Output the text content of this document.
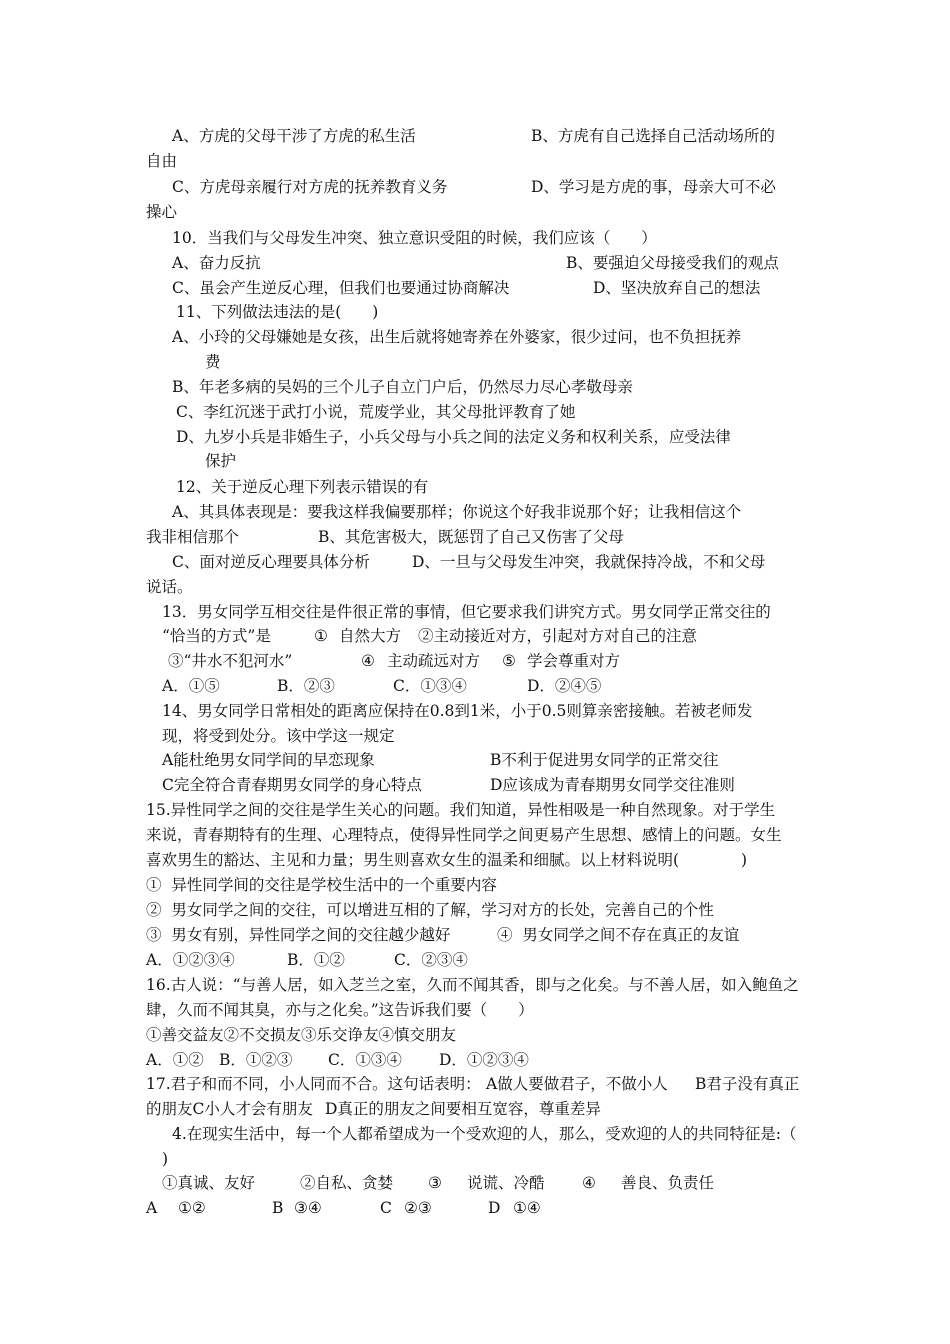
A、方虎的父母干涉了方虎的私生活	B、方虎有自己选择自己活动场所的
自由
C、方虎母亲履行对方虎的抚养教育义务	D、学习是方虎的事，母亲大可不必
操心
10．当我们与父母发生冲突、独立意识受阻的时候，我们应该（　　）
A、奋力反抗	B、要强迫父母接受我们的观点
C、虽会产生逆反心理，但我们也要通过协商解决	D、坚决放弃自己的想法
11、下列做法违法的是(　　)
A、小玲的父母嫌她是女孩，出生后就将她寄养在外婆家，很少过问，也不负担抚养
费
B、年老多病的吴妈的三个儿子自立门户后，仍然尽力尽心孝敬母亲
C、李红沉迷于武打小说，荒废学业，其父母批评教育了她
D、九岁小兵是非婚生子，小兵父母与小兵之间的法定义务和权利关系，应受法律
保护
12、关于逆反心理下列表示错误的有
A、其具体表现是：要我这样我偏要那样；你说这个好我非说那个好；让我相信这个
我非相信那个	B、其危害极大，既惩罚了自己又伤害了父母
C、面对逆反心理要具体分析	D、一旦与父母发生冲突，我就保持冷战，不和父母
说话。
13．男女同学互相交往是件很正常的事情，但它要求我们讲究方式。男女同学正常交往的
“恰当的方式”是	① 自然大方 ②主动接近对方，引起对方对自己的注意
③“井水不犯河水”	④ 主动疏远对方 ⑤ 学会尊重对方
A．①⑤	B．②③	C．①③④	D．②④⑤
14、男女同学日常相处的距离应保持在0.8到1米，小于0.5则算亲密接触。若被老师发
现，将受到处分。该中学这一规定
A能杜绝男女同学间的早恋现象	B不利于促进男女同学的正常交往
C完全符合青春期男女同学的身心特点	D应该成为青春期男女同学交往准则
15.异性同学之间的交往是学生关心的问题。我们知道，异性相吸是一种自然现象。对于学生
来说，青春期特有的生理、心理特点，使得异性同学之间更易产生思想、感情上的问题。女生
喜欢男生的豁达、主见和力量；男生则喜欢女生的温柔和细腻。以上材料说明(　　　　)
①  异性同学间的交往是学校生活中的一个重要内容
②  男女同学之间的交往，可以增进互相的了解，学习对方的长处，完善自己的个性
③  男女有别，异性同学之间的交往越少越好	④  男女同学之间不存在真正的友谊
A．①②③④	B．①②	C．②③④
16.古人说：“与善人居，如入芝兰之室，久而不闻其香，即与之化矣。与不善人居，如入鲍鱼之
肆，久而不闻其臭，亦与之化矣。”这告诉我们要（　　）
①善交益友②不交损友③乐交诤友④慎交朋友
A．①② B．①②③ C．①③④ D．①②③④
17.君子和而不同，小人同而不合。这句话表明： A做人要做君子，不做小人 B君子没有真正
的朋友C小人才会有朋友 D真正的朋友之间要相互宽容，尊重差异
4.在现实生活中，每一个人都希望成为一个受欢迎的人，那么，受欢迎的人的共同特征是:（
)
①真诚、友好	②自私、贪婪 ③ 说谎、冷酷 ④ 善良、负责任
A ①②	B ③④	C ②③	D ①④
